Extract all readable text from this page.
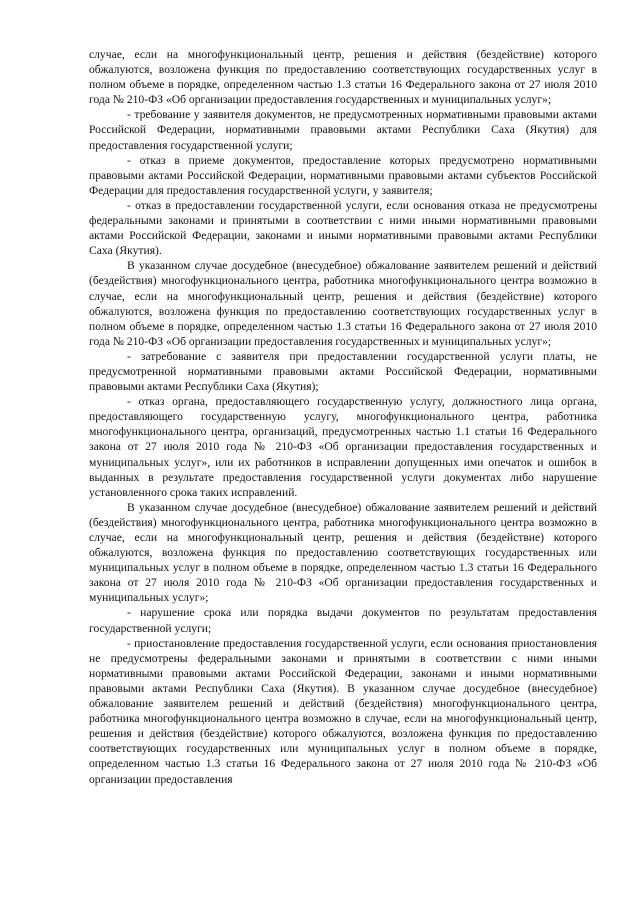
случае, если на многофункциональный центр, решения и действия (бездействие) которого обжалуются, возложена функция по предоставлению соответствующих государственных услуг в полном объеме в порядке, определенном частью 1.3 статьи 16 Федерального закона от 27 июля 2010 года № 210-ФЗ «Об организации предоставления государственных и муниципальных услуг»;

- требование у заявителя документов, не предусмотренных нормативными правовыми актами Российской Федерации, нормативными правовыми актами Республики Саха (Якутия) для предоставления государственной услуги;

- отказ в приеме документов, предоставление которых предусмотрено нормативными правовыми актами Российской Федерации, нормативными правовыми актами субъектов Российской Федерации для предоставления государственной услуги, у заявителя;

- отказ в предоставлении государственной услуги, если основания отказа не предусмотрены федеральными законами и принятыми в соответствии с ними иными нормативными правовыми актами Российской Федерации, законами и иными нормативными правовыми актами Республики Саха (Якутия).

В указанном случае досудебное (внесудебное) обжалование заявителем решений и действий (бездействия) многофункционального центра, работника многофункционального центра возможно в случае, если на многофункциональный центр, решения и действия (бездействие) которого обжалуются, возложена функция по предоставлению соответствующих государственных услуг в полном объеме в порядке, определенном частью 1.3 статьи 16 Федерального закона от 27 июля 2010 года № 210-ФЗ «Об организации предоставления государственных и муниципальных услуг»;

- затребование с заявителя при предоставлении государственной услуги платы, не предусмотренной нормативными правовыми актами Российской Федерации, нормативными правовыми актами Республики Саха (Якутия);

- отказ органа, предоставляющего государственную услугу, должностного лица органа, предоставляющего государственную услугу, многофункционального центра, работника многофункционального центра, организаций, предусмотренных частью 1.1 статьи 16 Федерального закона от 27 июля 2010 года № 210-ФЗ «Об организации предоставления государственных и муниципальных услуг», или их работников в исправлении допущенных ими опечаток и ошибок в выданных в результате предоставления государственной услуги документах либо нарушение установленного срока таких исправлений.

В указанном случае досудебное (внесудебное) обжалование заявителем решений и действий (бездействия) многофункционального центра, работника многофункционального центра возможно в случае, если на многофункциональный центр, решения и действия (бездействие) которого обжалуются, возложена функция по предоставлению соответствующих государственных или муниципальных услуг в полном объеме в порядке, определенном частью 1.3 статьи 16 Федерального закона от 27 июля 2010 года № 210-ФЗ «Об организации предоставления государственных и муниципальных услуг»;

- нарушение срока или порядка выдачи документов по результатам предоставления государственной услуги;

- приостановление предоставления государственной услуги, если основания приостановления не предусмотрены федеральными законами и принятыми в соответствии с ними иными нормативными правовыми актами Российской Федерации, законами и иными нормативными правовыми актами Республики Саха (Якутия). В указанном случае досудебное (внесудебное) обжалование заявителем решений и действий (бездействия) многофункционального центра, работника многофункционального центра возможно в случае, если на многофункциональный центр, решения и действия (бездействие) которого обжалуются, возложена функция по предоставлению соответствующих государственных или муниципальных услуг в полном объеме в порядке, определенном частью 1.3 статьи 16 Федерального закона от 27 июля 2010 года № 210-ФЗ «Об организации предоставления
